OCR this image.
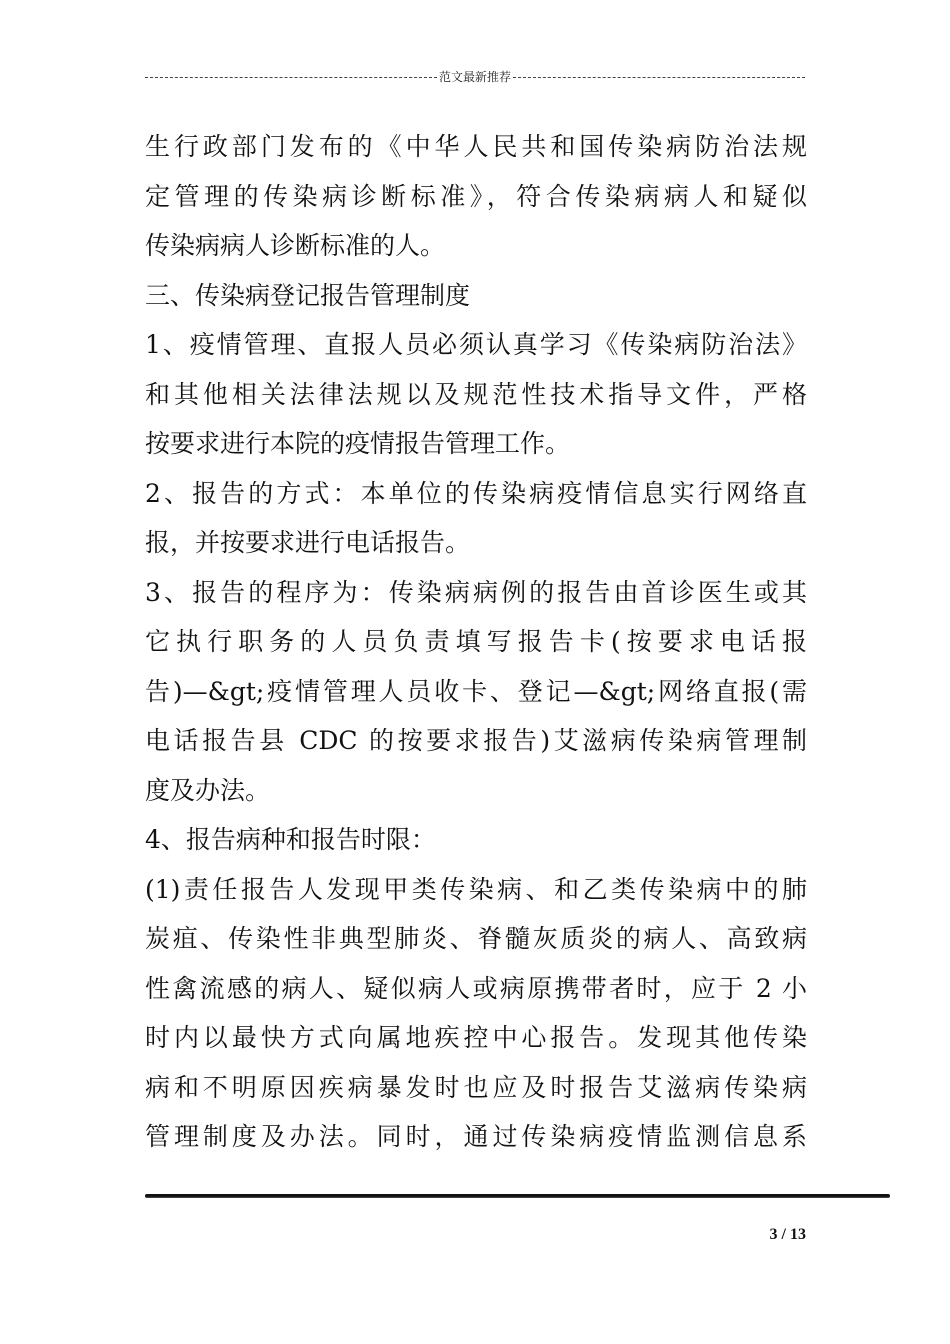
范文最新推荐
生行政部门发布的《中华人民共和国传染病防治法规
定管理的传染病诊断标准》，符合传染病病人和疑似
传染病病人诊断标准的人。
三、传染病登记报告管理制度
1、疫情管理、直报人员必须认真学习《传染病防治法》
和其他相关法律法规以及规范性技术指导文件，严格
按要求进行本院的疫情报告管理工作。
2、报告的方式：本单位的传染病疫情信息实行网络直
报，并按要求进行电话报告。
3、报告的程序为：传染病病例的报告由首诊医生或其
它执行职务的人员负责填写报告卡(按要求电话报
告)—&gt;疫情管理人员收卡、登记—&gt;网络直报(需
电话报告县 CDC 的按要求报告)艾滋病传染病管理制
度及办法。
4、报告病种和报告时限：
(1)责任报告人发现甲类传染病、和乙类传染病中的肺
炭疽、传染性非典型肺炎、脊髓灰质炎的病人、高致病
性禽流感的病人、疑似病人或病原携带者时，应于 2 小
时内以最快方式向属地疾控中心报告。发现其他传染
病和不明原因疾病暴发时也应及时报告艾滋病传染病
管理制度及办法。同时，通过传染病疫情监测信息系
3 / 13
